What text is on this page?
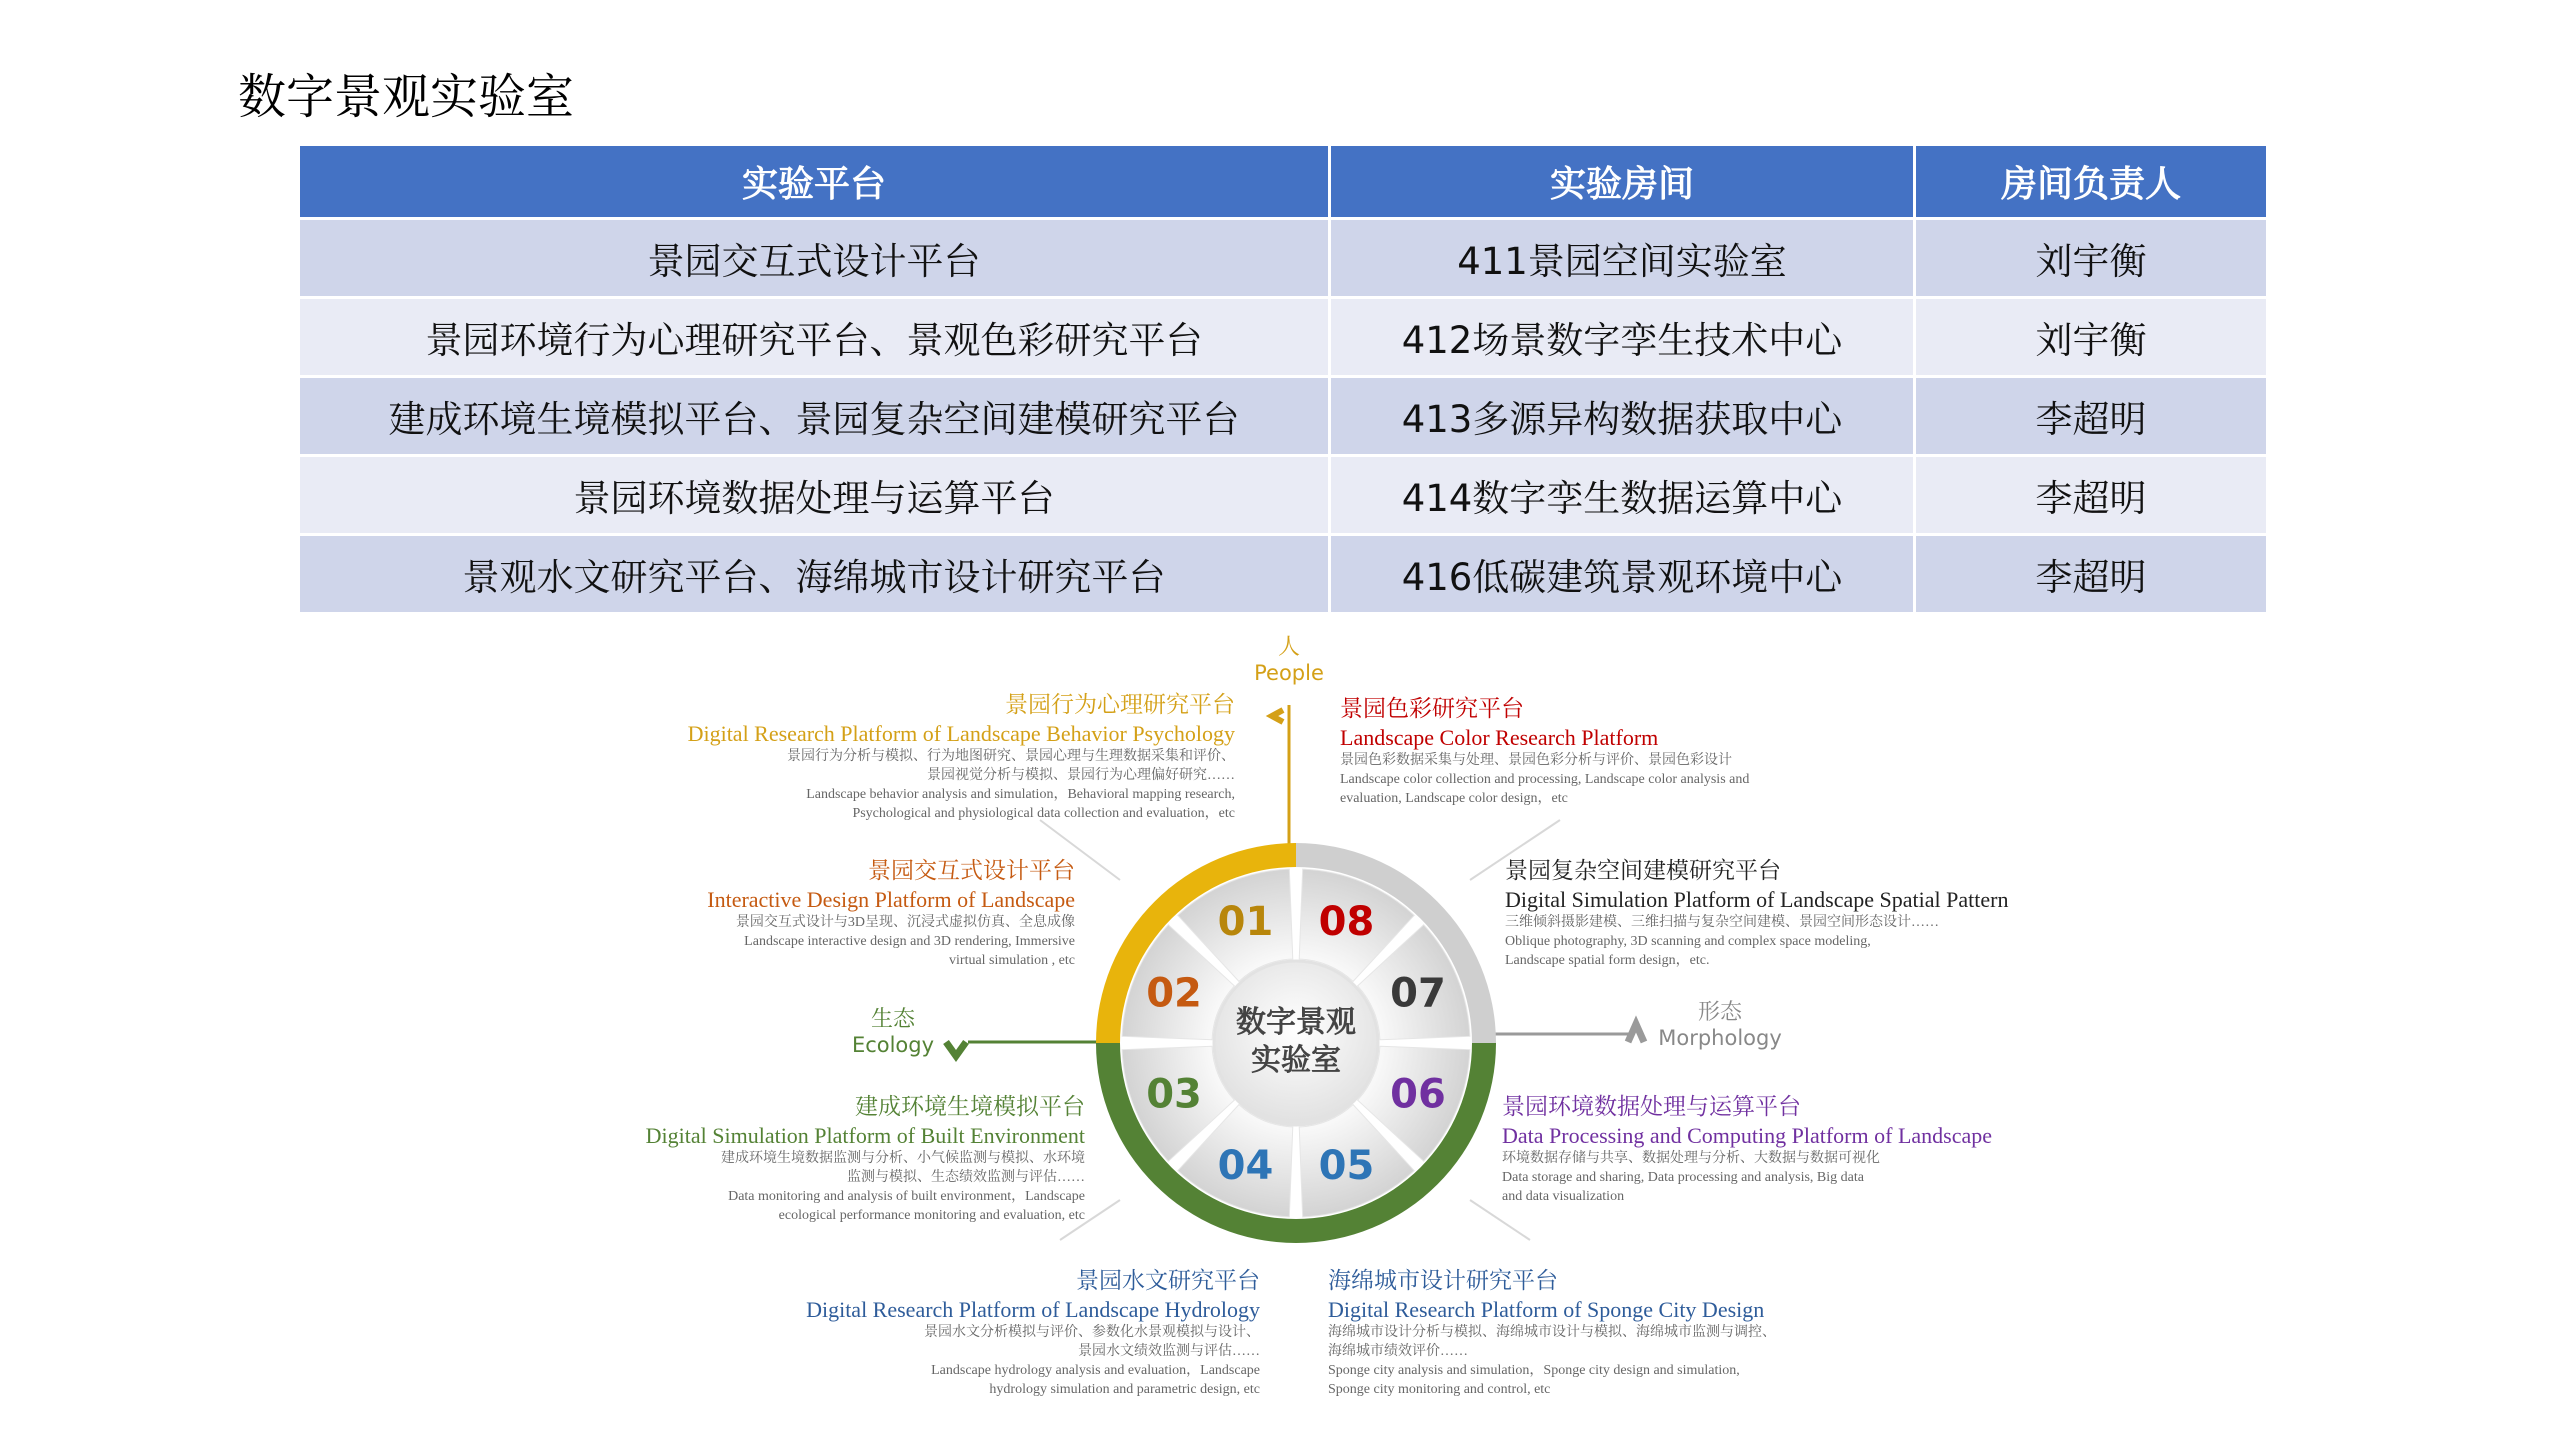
数字景观实验室
实验平台	实验房间	房间负责人
景园交互式设计平台	411景园空间实验室	刘宇衡
景园环境行为心理研究平台、景观色彩研究平台	412场景数字孪生技术中心	刘宇衡
建成环境生境模拟平台、景园复杂空间建模研究平台	413多源异构数据获取中心	李超明
景园环境数据处理与运算平台	414数字孪生数据运算中心	李超明
景观水文研究平台、海绵城市设计研究平台	416低碳建筑景观环境中心	李超明
08
07
06
05
04
03
02
01
数字景观
实验室
人
People
生态
Ecology
形态
Morphology
景园行为心理研究平台
Digital Research Platform of Landscape Behavior Psychology
景园行为分析与模拟、行为地图研究、景园心理与生理数据采集和评价、
景园视觉分析与模拟、景园行为心理偏好研究……
Landscape behavior analysis and simulation，Behavioral mapping research,
Psychological and physiological data collection and evaluation，etc
景园色彩研究平台
Landscape Color Research Platform
景园色彩数据采集与处理、景园色彩分析与评价、景园色彩设计
Landscape color collection and processing, Landscape color analysis and
evaluation, Landscape color design，etc
景园交互式设计平台
Interactive Design Platform of Landscape
景园交互式设计与3D呈现、沉浸式虚拟仿真、全息成像
Landscape interactive design and 3D rendering, Immersive
virtual simulation , etc
景园复杂空间建模研究平台
Digital Simulation Platform of Landscape Spatial Pattern
三维倾斜摄影建模、三维扫描与复杂空间建模、景园空间形态设计……
Oblique photography, 3D scanning and complex space modeling,
Landscape spatial form design，etc.
建成环境生境模拟平台
Digital Simulation Platform of Built Environment
建成环境生境数据监测与分析、小气候监测与模拟、水环境
监测与模拟、生态绩效监测与评估……
Data monitoring and analysis of built environment，Landscape
ecological performance monitoring and evaluation, etc
景园环境数据处理与运算平台
Data Processing and Computing Platform of Landscape
环境数据存储与共享、数据处理与分析、大数据与数据可视化
Data storage and sharing, Data processing and analysis, Big data
and data visualization
景园水文研究平台
Digital Research Platform of Landscape Hydrology
景园水文分析模拟与评价、参数化水景观模拟与设计、
景园水文绩效监测与评估……
Landscape hydrology analysis and evaluation，Landscape
hydrology simulation and parametric design, etc
海绵城市设计研究平台
Digital Research Platform of Sponge City Design
海绵城市设计分析与模拟、海绵城市设计与模拟、海绵城市监测与调控、
海绵城市绩效评价……
Sponge city analysis and simulation，Sponge city design and simulation,
Sponge city monitoring and control, etc
